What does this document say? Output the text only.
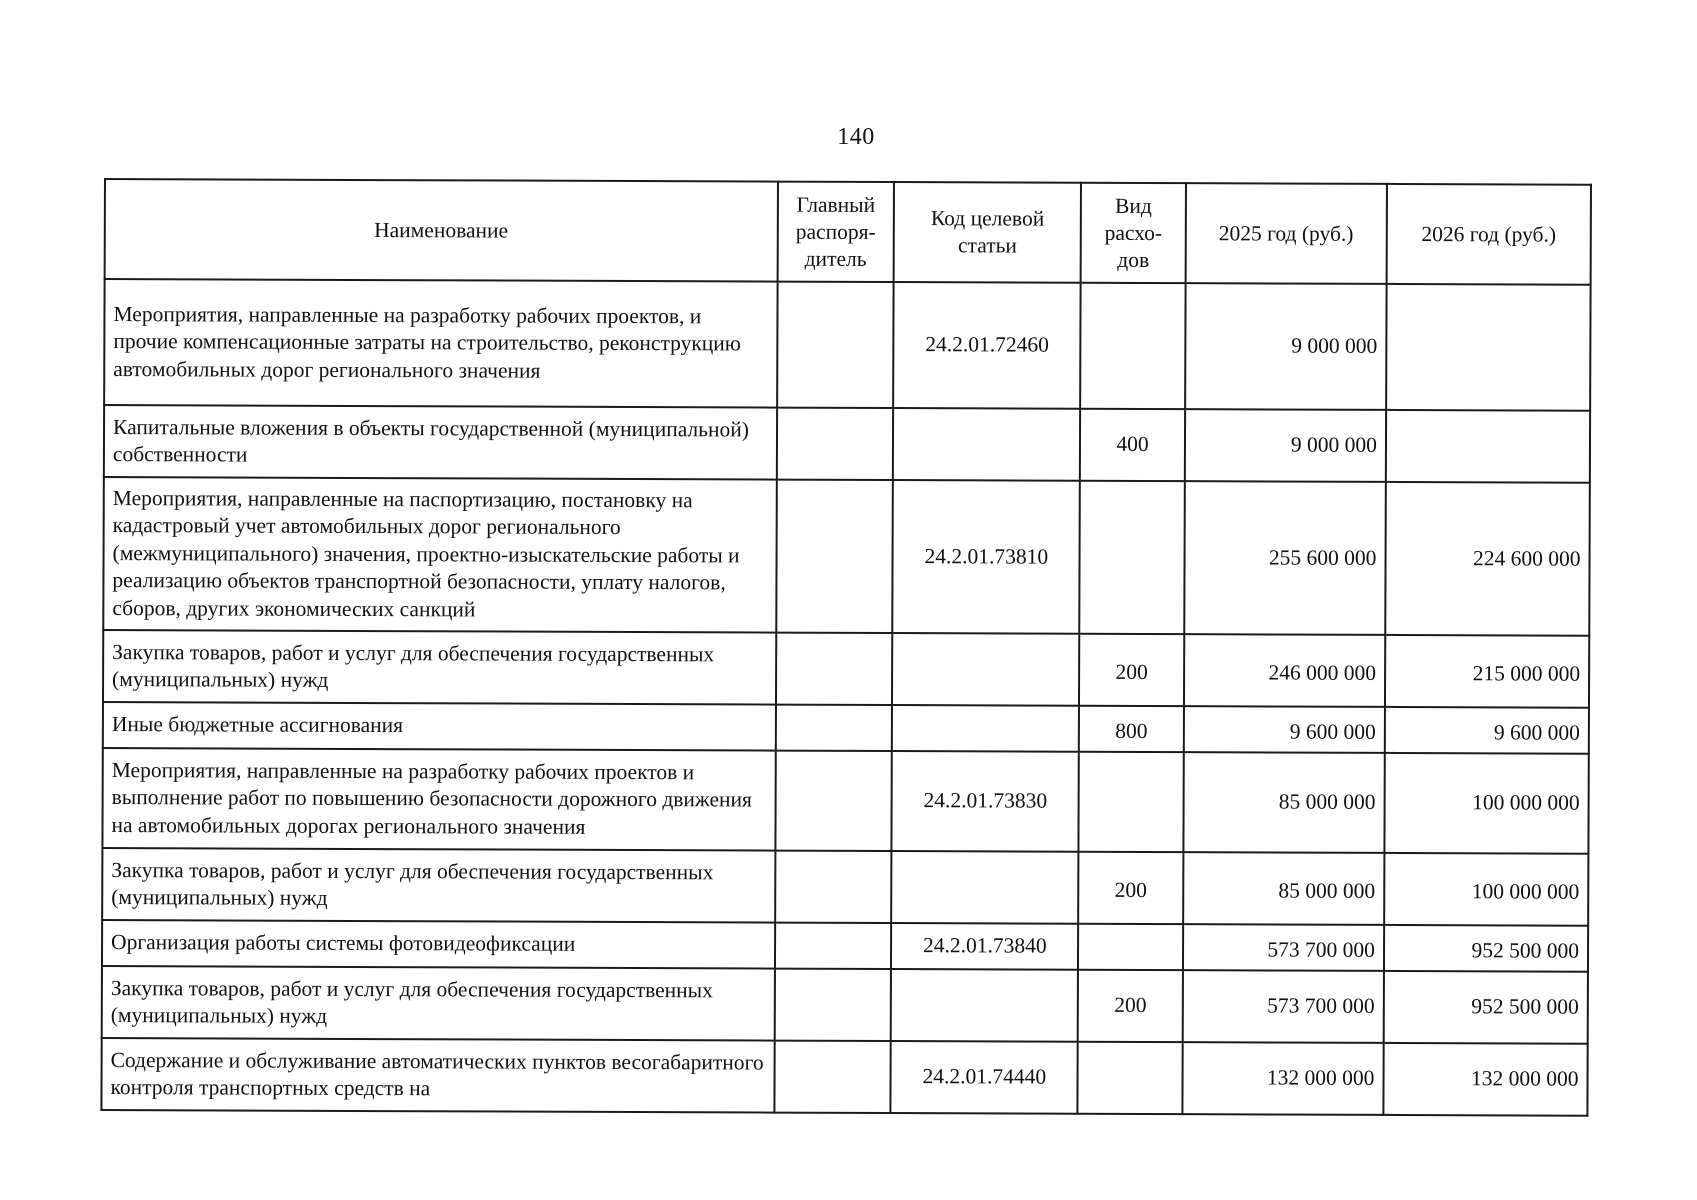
140
Наименование	Главный распоря-дитель	Код целевой статьи	Вид расхо-дов	2025 год (руб.)	2026 год (руб.)
Мероприятия, направленные на разработку рабочих проектов, и прочие компенсационные затраты на строительство, реконструкцию автомобильных дорог регионального значения		24.2.01.72460		9 000 000	
Капитальные вложения в объекты государственной (муниципальной) собственности			400	9 000 000	
Мероприятия, направленные на паспортизацию, постановку на кадастровый учет автомобильных дорог регионального (межмуниципального) значения, проектно-изыскательские работы и реализацию объектов транспортной безопасности, уплату налогов, сборов, других экономических санкций		24.2.01.73810		255 600 000	224 600 000
Закупка товаров, работ и услуг для обеспечения государственных (муниципальных) нужд			200	246 000 000	215 000 000
Иные бюджетные ассигнования			800	9 600 000	9 600 000
Мероприятия, направленные на разработку рабочих проектов и выполнение работ по повышению безопасности дорожного движения на автомобильных дорогах регионального значения		24.2.01.73830		85 000 000	100 000 000
Закупка товаров, работ и услуг для обеспечения государственных (муниципальных) нужд			200	85 000 000	100 000 000
Организация работы системы фотовидеофиксации		24.2.01.73840		573 700 000	952 500 000
Закупка товаров, работ и услуг для обеспечения государственных (муниципальных) нужд			200	573 700 000	952 500 000
Содержание и обслуживание автоматических пунктов весогабаритного контроля транспортных средств на		24.2.01.74440		132 000 000	132 000 000
